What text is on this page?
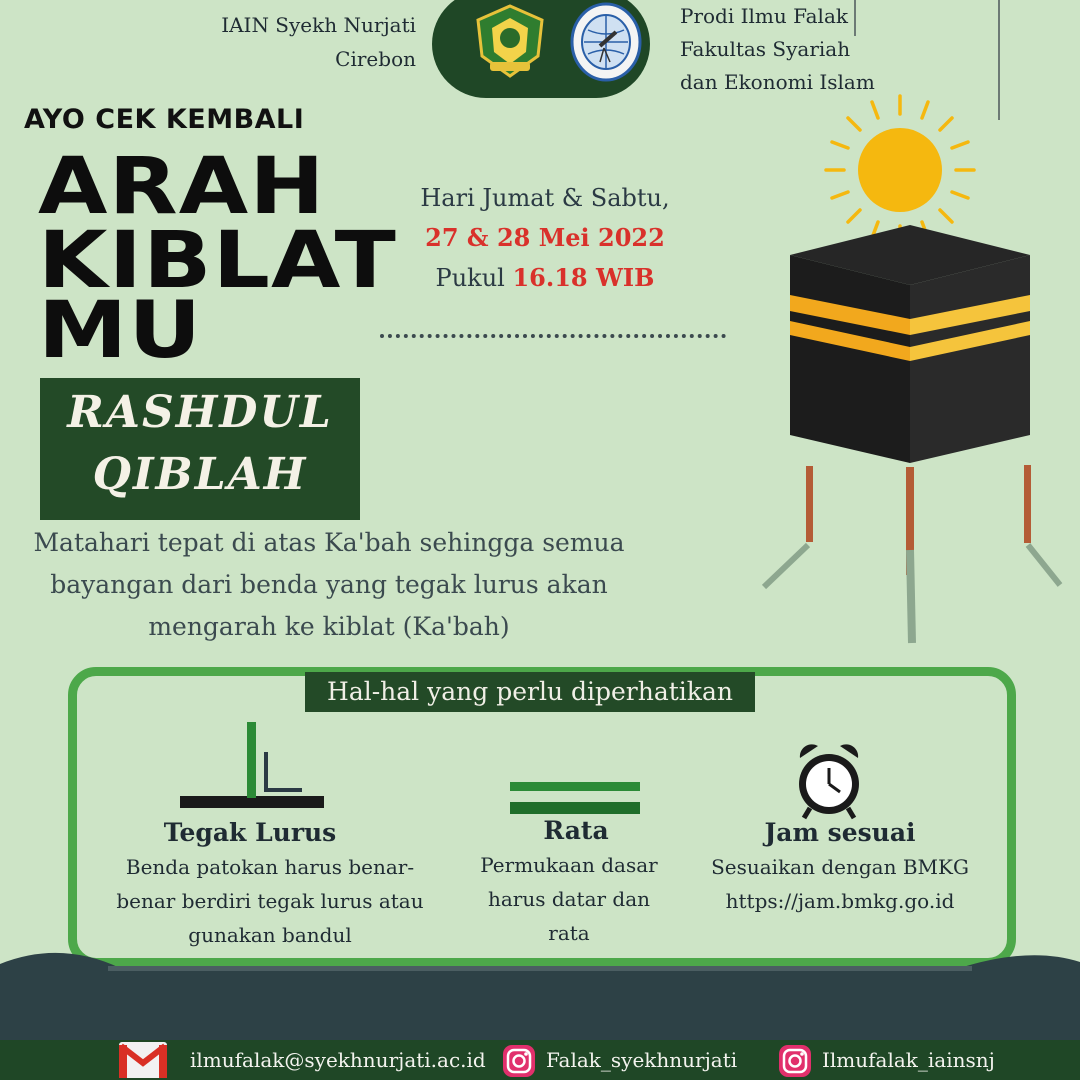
IAIN Syekh Nurjati
Cirebon
Prodi Ilmu Falak
Fakultas Syariah
dan Ekonomi Islam
AYO CEK KEMBALI
ARAH
KIBLAT
MU
RASHDUL
QIBLAH
Hari Jumat & Sabtu,
27 & 28 Mei 2022
Pukul 16.18 WIB
Matahari tepat di atas Ka'bah sehingga semua
bayangan dari benda yang tegak lurus akan
mengarah ke kiblat (Ka'bah)
Hal-hal yang perlu diperhatikan
Tegak Lurus
Benda patokan harus benar-
benar berdiri tegak lurus atau
gunakan bandul
Rata
Permukaan dasar
harus datar dan
rata
Jam sesuai
Sesuaikan dengan BMKG
https://jam.bmkg.go.id
ilmufalak@syekhnurjati.ac.id	Falak_syekhnurjati	Ilmufalak_iainsnj
